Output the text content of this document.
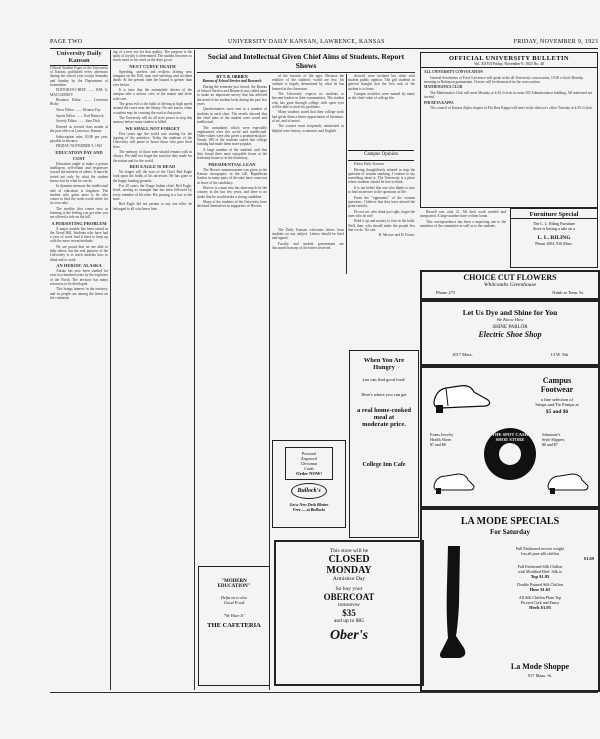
PAGE TWO	UNIVERSITY DAILY KANSAN, LAWRENCE, KANSAS	FRIDAY, NOVEMBER 9, 1923
University Daily Kansan

Official Student Paper of the University of Kansas, published every afternoon during the school year except Saturday and Sunday by the Department of Journalism.

EDITOR-IN-CHIEF ........ WM. A. MACGARNEY

Business Editor ........ Lawrence Bixby

News Editor ........ Eleanor Fay

Sports Editor ........ Earl Hancock

Society Editor ........ Sara Dick

Entered as second class matter at the post office at Lawrence, Kansas.

Subscription rates, $3.00 per year, payable in advance.

FRIDAY, NOVEMBER 9, 1923

EDUCATION PAY AND COST

Education ought to make a person intelligent, self-reliant and responsive toward the interests of others. It must be tested not only by what the student knows but by what he can do.

In dynamic measure the intellectual side of education is forgotten. The student who gains most is he who comes to find the work worth while for its own sake.

The sterility that comes now in learning is the feeling you get after you are offered a ride on the hill.

A PERSISTING PROBLEM

A major trouble has been raised in the Oread Hill. Students who have had a year of work find it hard to keep up with the more recent methods.

We are proud that we are able to help others; but the real purpose of the University is to teach students how to think and to work.

AN HEROIC ALASKA

Alaska has now been studied for over two hundred years by the explorers of the North. The territory has many resources to be developed.

This brings interest in the territory, and its people are among the finest on the continent.

ing of a new use for that quality. The purpose is the spirit of loyalty is determined. The student becomes so much more in his work as the days go on.

NEXT CURVE DEATH

Speeding, careless and reckless driving now rampant on the Hill, may end suffering and accident death. At the present time the hazard is greater than ever before.

It is time that the automobile drivers of the campus take a serious view of the matter and drive with care.

The great evil is the habit of driving at high speed around the curve near the library. No one knows when a student may be crossing the road at that point.

The University will do all in its power to stop this menace before some student is killed.

WE SHALL NOT FORGET

Five years ago the world was waiting for the signing of the armistice. Today the students of the University will pause to honor those who gave their lives.

The memory of those men should remain with us always. We shall not forget the sacrifice they made for the nation and for the world.

RED EAGLE IS DEAD

No longer will the eyes of the Chief Red Eagle look upon the fields of his ancestors. He has gone to the happy hunting grounds.

For 20 years, the Osage Indian chief, Red Eagle, lived, serving as example that has been followed by every member of his tribe. His passing is a loss to the state.

Red Eagle did not pertain to any one tribe; he belonged to all who knew him.

Social and Intellectual Given Chief Aims of Students. Report Shows
BY T. B. OBRIEN
Bureau of School Service and Research

During the semester just closed, the Bureau of School Service and Research was called upon to make an important survey that has affected the trend of the student body during the past few years.

Questionnaires were sent to a number of students in each class. The results showed that the chief aims of the student were social and intellectual.

The complaints which were especially emphasized were the social and intellectual. Other values were also given a prominent place. Nearly 180 of the students stated that college training had made them more popular.

A large number of the students said that they found their most enjoyable hours at the fraternity house or in the dormitory.

PRESIDENTIAL LEAN

The Hoover announcement was given to the Kansas newspapers in the fall. Republican leaders in many parts of the state have come out in favor of his candidacy.

Hoover is a man who has done much for the country in the last few years, and there is no doubt that he would make a strong candidate.

Many of the students of the University have declared themselves as supporters of Hoover.

of the favorite of life ages. Because the realities of the student's world are few, his outlook is largely determined by what he has learned in the classroom.

The University expects its students to become leaders in their communities. The student who has gone through college with open eyes will be able to meet his problems.

Many students stated that their college work had given them a better appreciation of literature, of art, and of music.

The courses most frequently mentioned as helpful were history, economics and English.

The Daily Kansan welcomes letters from students on any subject. Letters should be brief and signed.

Faculty and student government are discussed in many of the letters received.

showed were inclined but often with student public opinion. The girl students in general thought that the first task of the student is to learn.

Campus activities were named by many as the chief value of college life.

Campus Opinion

Editor Daily Kansan:

Having thoughtlessly refused to stop the question of women smoking, I venture to say something about it. The University is a place where students should be free to think.

It is our belief that one who thinks is sure to find an answer to the questions of life.

From the "opponents" of the women questions, I believe that they have missed the point entirely.

Do not we, who think just right, forget the ones who do not?

Hold it up and money to fear in the halls. Well, then, who should make the people less that we do. No one.

B. Mecore and D. Foster.

Personal
Engraved
Christmas
Cards
Order NOW!
Bullock's
Get a New Desk Blotter
Free — at Bullocks
"MODERN
EDUCATION"
Helps on to also
Good Food
"We Have It"
THE CAFETERIA
This store will be
CLOSED
MONDAY
Armistice Day
So buy your
OBERCOAT
tomorrow
$35
and up to $85
Ober's
When You Are
Hungry
you can find good food.
Here's where you can get
a real home-cooked
meal at
moderate price.
College Inn Cafe
OFFICIAL UNIVERSITY BULLETIN
Vol. XXVII Friday, November 9, 1923 No. 48

ALL UNIVERSITY CONVOCATION

General Secretaries of Ford, Lawrence will speak at the all-University convocation, 10:30 o'clock Monday morning in Robinson gymnasium. Classes will be dismissed for the convocation.

MATHEMATICS CLUB

The Mathematics Club will meet Monday at 4:30 o'clock in room 205 Administration building. All interested are invited.

PHI BETA KAPPA

The council of Kansas Alpha chapter of Phi Beta Kappa will meet in the director's office Tuesday at 4:30 o'clock.

Russell was only 21. All their work needed and unreported. A large number have written home.

This correspondence has been a surprising one to the members of the committee as well as to the students.

Furniture Special
The L. L. Riling Furniture
Store is having a sale on a
L. L. RILING
Phone 1004. 916 Mass.
CHOICE CUT FLOWERS
Whitcombs Greenhouse
Phone 273	Ninth at Tenn. St.
Let Us Dye and Shine for You
We Know How
SHINE PARLOR
Electric Shoe Shop
1017 Mass.	13 W. 9th
Campus
Footwear
a fine selection of
Straps and Tie Pumps at
$5 and $6
THE SPOT CASH SHOE STORE
Evans Jewelry
Health Shoes
$7 and $8
Johnstone's
Style Slippers
$6 and $7
LA MODE SPECIALS
For Saturday
Full Fashioned service weight
Ion all pure silk chiffon
$1.69
Full Fashioned Silk Chiffon
with Modified Heel. Silk to
Top $1.95
Double Pointed Silk Chiffon
Hose $1.65
All Silk Chiffon Plain Top
Picoted Cork and Fancy
Heels $1.95
La Mode Shoppe
917 Mass. St.
